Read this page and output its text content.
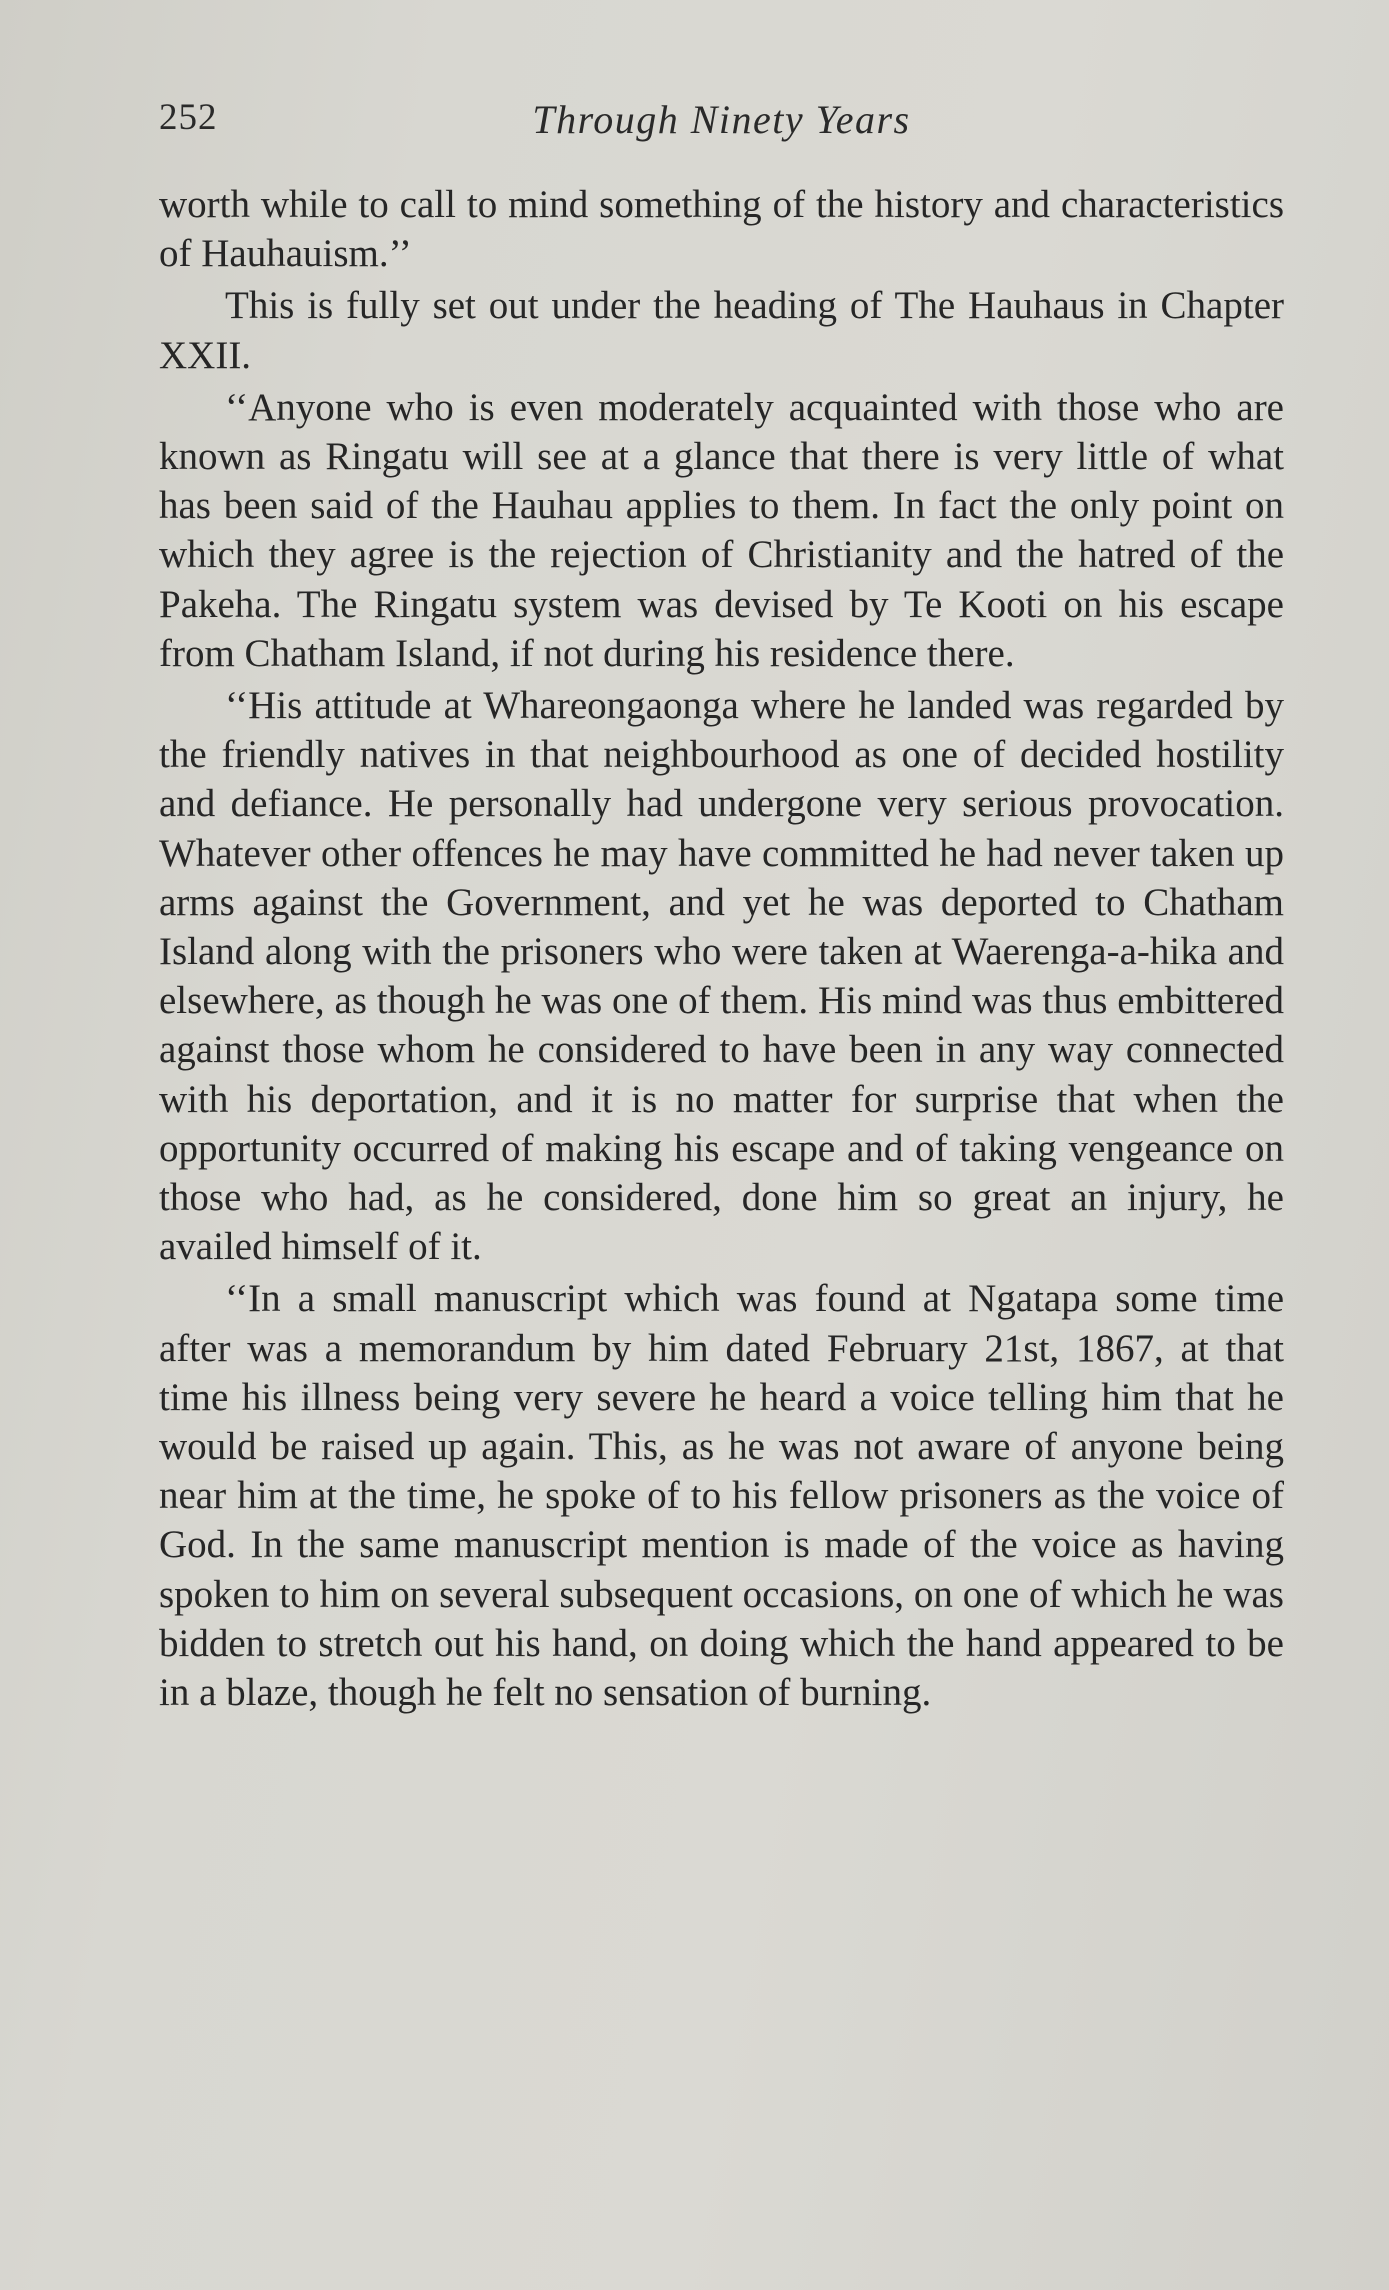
252	Through Ninety Years

worth while to call to mind something of the history and characteristics of Hauhauism.’’

This is fully set out under the heading of The Hauhaus in Chapter XXII.

‘‘Anyone who is even moderately acquainted with those who are known as Ringatu will see at a glance that there is very little of what has been said of the Hauhau applies to them. In fact the only point on which they agree is the rejection of Christianity and the hatred of the Pakeha. The Ringatu system was devised by Te Kooti on his escape from Chatham Island, if not during his residence there.

‘‘His attitude at Whareongaonga where he landed was regarded by the friendly natives in that neighbourhood as one of decided hostility and defiance. He personally had undergone very serious provocation. Whatever other offences he may have committed he had never taken up arms against the Government, and yet he was deported to Chatham Island along with the prisoners who were taken at Waerenga-a-hika and elsewhere, as though he was one of them. His mind was thus embittered against those whom he considered to have been in any way connected with his deportation, and it is no matter for surprise that when the opportunity occurred of making his escape and of taking vengeance on those who had, as he considered, done him so great an injury, he availed himself of it.

‘‘In a small manuscript which was found at Ngatapa some time after was a memorandum by him dated February 21st, 1867, at that time his illness being very severe he heard a voice telling him that he would be raised up again. This, as he was not aware of anyone being near him at the time, he spoke of to his fellow prisoners as the voice of God. In the same manuscript mention is made of the voice as having spoken to him on several subsequent occasions, on one of which he was bidden to stretch out his hand, on doing which the hand appeared to be in a blaze, though he felt no sensation of burning.
